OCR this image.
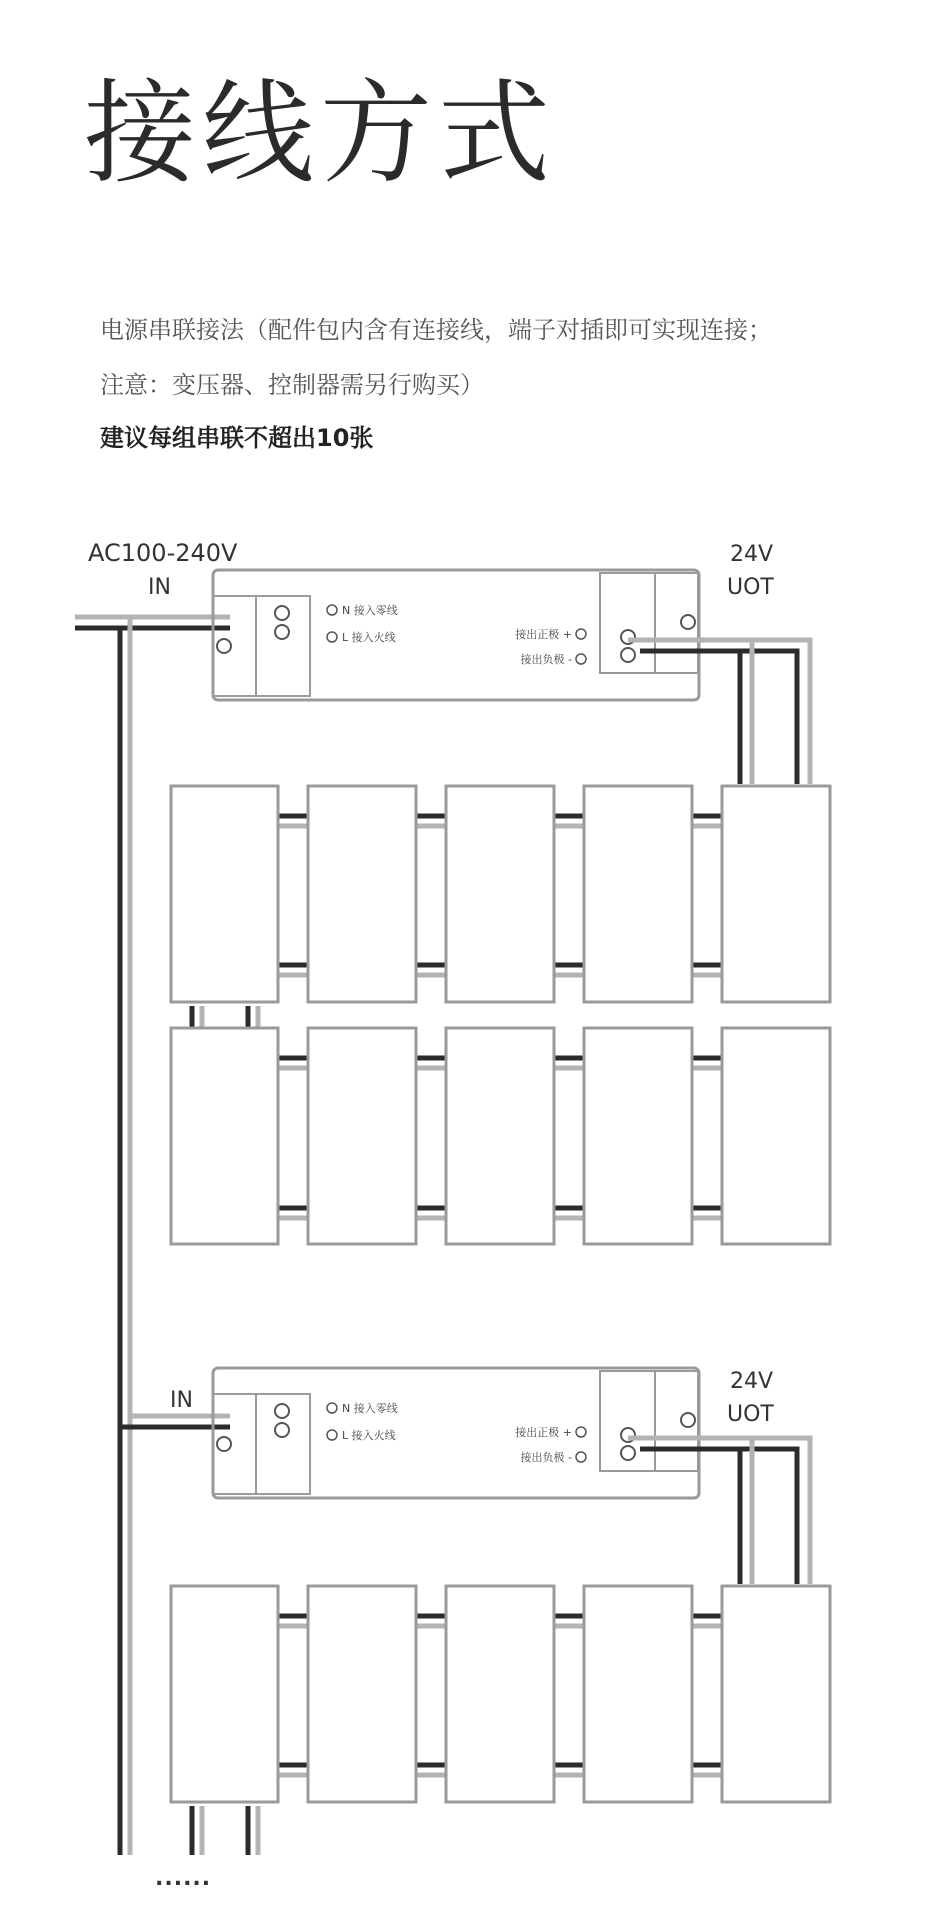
接线方式
电源串联接法（配件包内含有连接线，端子对插即可实现连接；
注意：变压器、控制器需另行购买）
建议每组串联不超出10张
AC100-240V
IN
IN
24V
UOT
24V
UOT
N 接入零线
L 接入火线	接出正极 +
接出负极 -
N 接入零线
L 接入火线	接出正极 +
接出负极 -
......
